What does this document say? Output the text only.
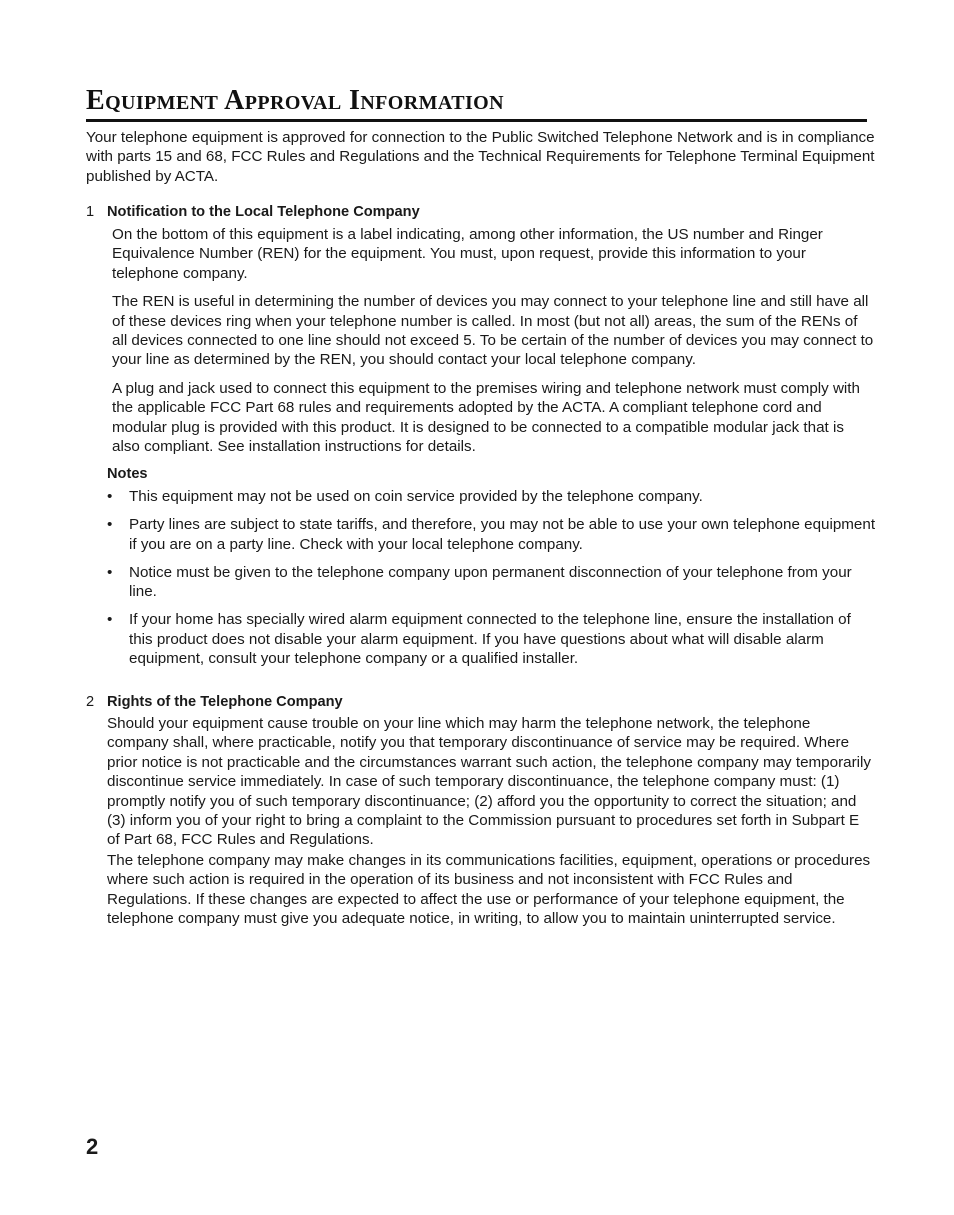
Equipment Approval Information

Your telephone equipment is approved for connection to the Public Switched Telephone Network and is in compliance with parts 15 and 68, FCC Rules and Regulations and the Technical Requirements for Telephone Terminal Equipment published by ACTA.

1 Notification to the Local Telephone Company

On the bottom of this equipment is a label indicating, among other information, the US number and Ringer Equivalence Number (REN) for the equipment. You must, upon request, provide this information to your telephone company.

The REN is useful in determining the number of devices you may connect to your telephone line and still have all of these devices ring when your telephone number is called. In most (but not all) areas, the sum of the RENs of all devices connected to one line should not exceed 5. To be certain of the number of devices you may connect to your line as determined by the REN, you should contact your local telephone company.

A plug and jack used to connect this equipment to the premises wiring and telephone network must comply with the applicable FCC Part 68 rules and requirements adopted by the ACTA. A compliant telephone cord and modular plug is provided with this product. It is designed to be connected to a compatible modular jack that is also compliant. See installation instructions for details.

Notes
• This equipment may not be used on coin service provided by the telephone company.
• Party lines are subject to state tariffs, and therefore, you may not be able to use your own telephone equipment if you are on a party line. Check with your local telephone company.
• Notice must be given to the telephone company upon permanent disconnection of your telephone from your line.
• If your home has specially wired alarm equipment connected to the telephone line, ensure the installation of this product does not disable your alarm equipment. If you have questions about what will disable alarm equipment, consult your telephone company or a qualified installer.
2 Rights of the Telephone Company

Should your equipment cause trouble on your line which may harm the telephone network, the telephone company shall, where practicable, notify you that temporary discontinuance of service may be required. Where prior notice is not practicable and the circumstances warrant such action, the telephone company may temporarily discontinue service immediately. In case of such temporary discontinuance, the telephone company must: (1) promptly notify you of such temporary discontinuance; (2) afford you the opportunity to correct the situation; and (3) inform you of your right to bring a complaint to the Commission pursuant to procedures set forth in Subpart E of Part 68, FCC Rules and Regulations.

The telephone company may make changes in its communications facilities, equipment, operations or procedures where such action is required in the operation of its business and not inconsistent with FCC Rules and Regulations. If these changes are expected to affect the use or performance of your telephone equipment, the telephone company must give you adequate notice, in writing, to allow you to maintain uninterrupted service.

2
